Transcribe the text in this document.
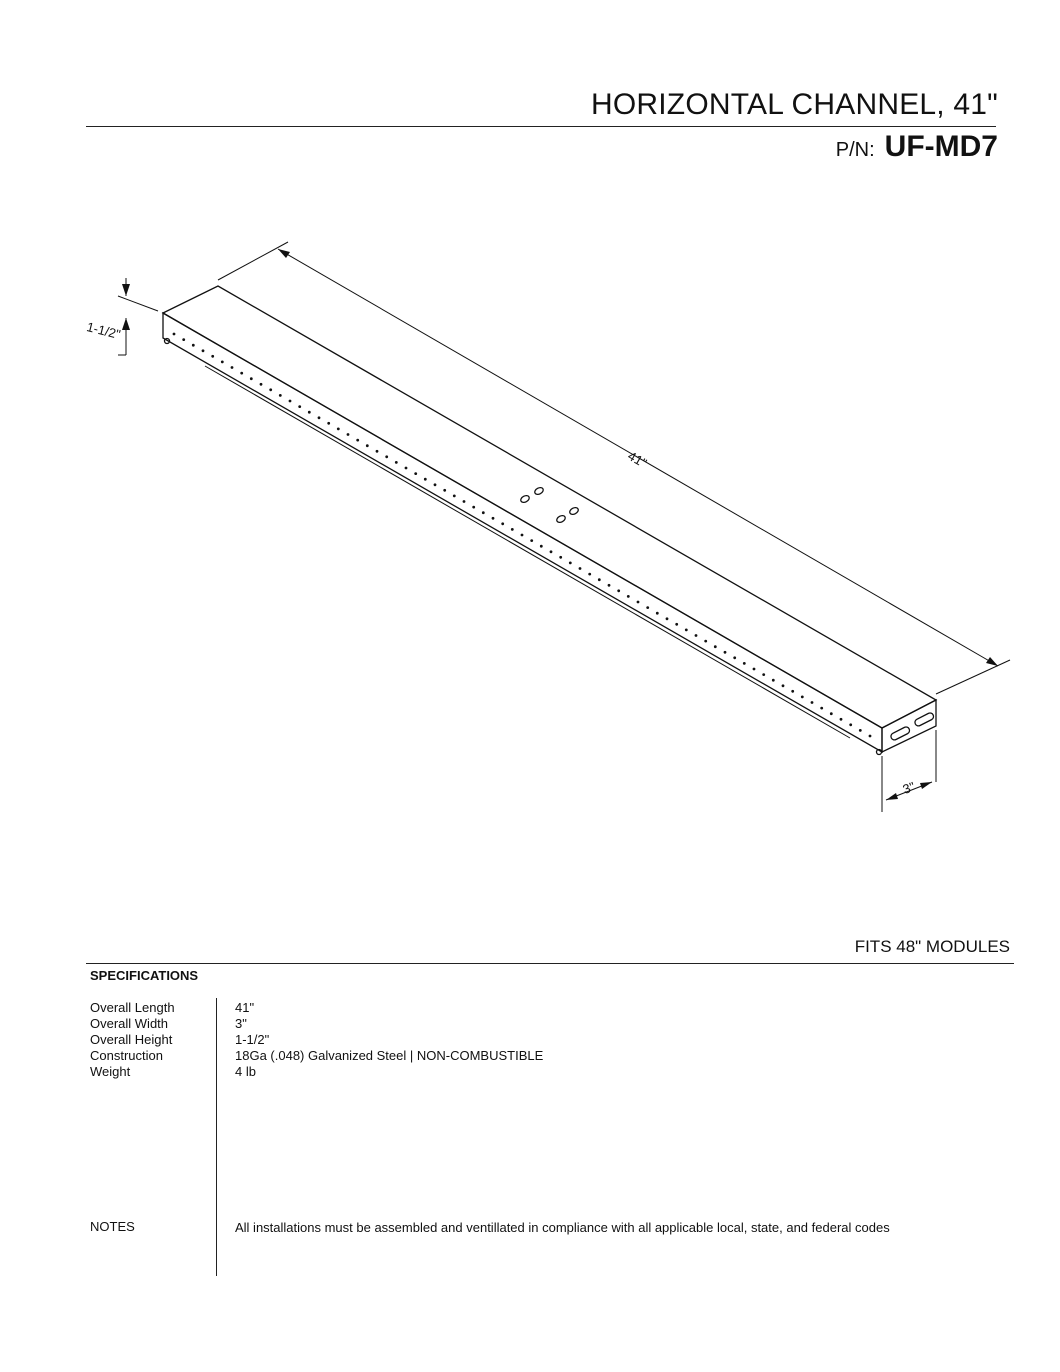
HORIZONTAL CHANNEL, 41"
P/N: UF-MD7
41"
1-1/2"
3"
FITS 48" MODULES
SPECIFICATIONS
Overall Length
Overall Width
Overall Height
Construction
Weight
41"
3"
1-1/2"
18Ga (.048) Galvanized Steel | NON-COMBUSTIBLE
4 lb
NOTES	All installations must be assembled and ventillated in compliance with all applicable local, state, and federal codes
